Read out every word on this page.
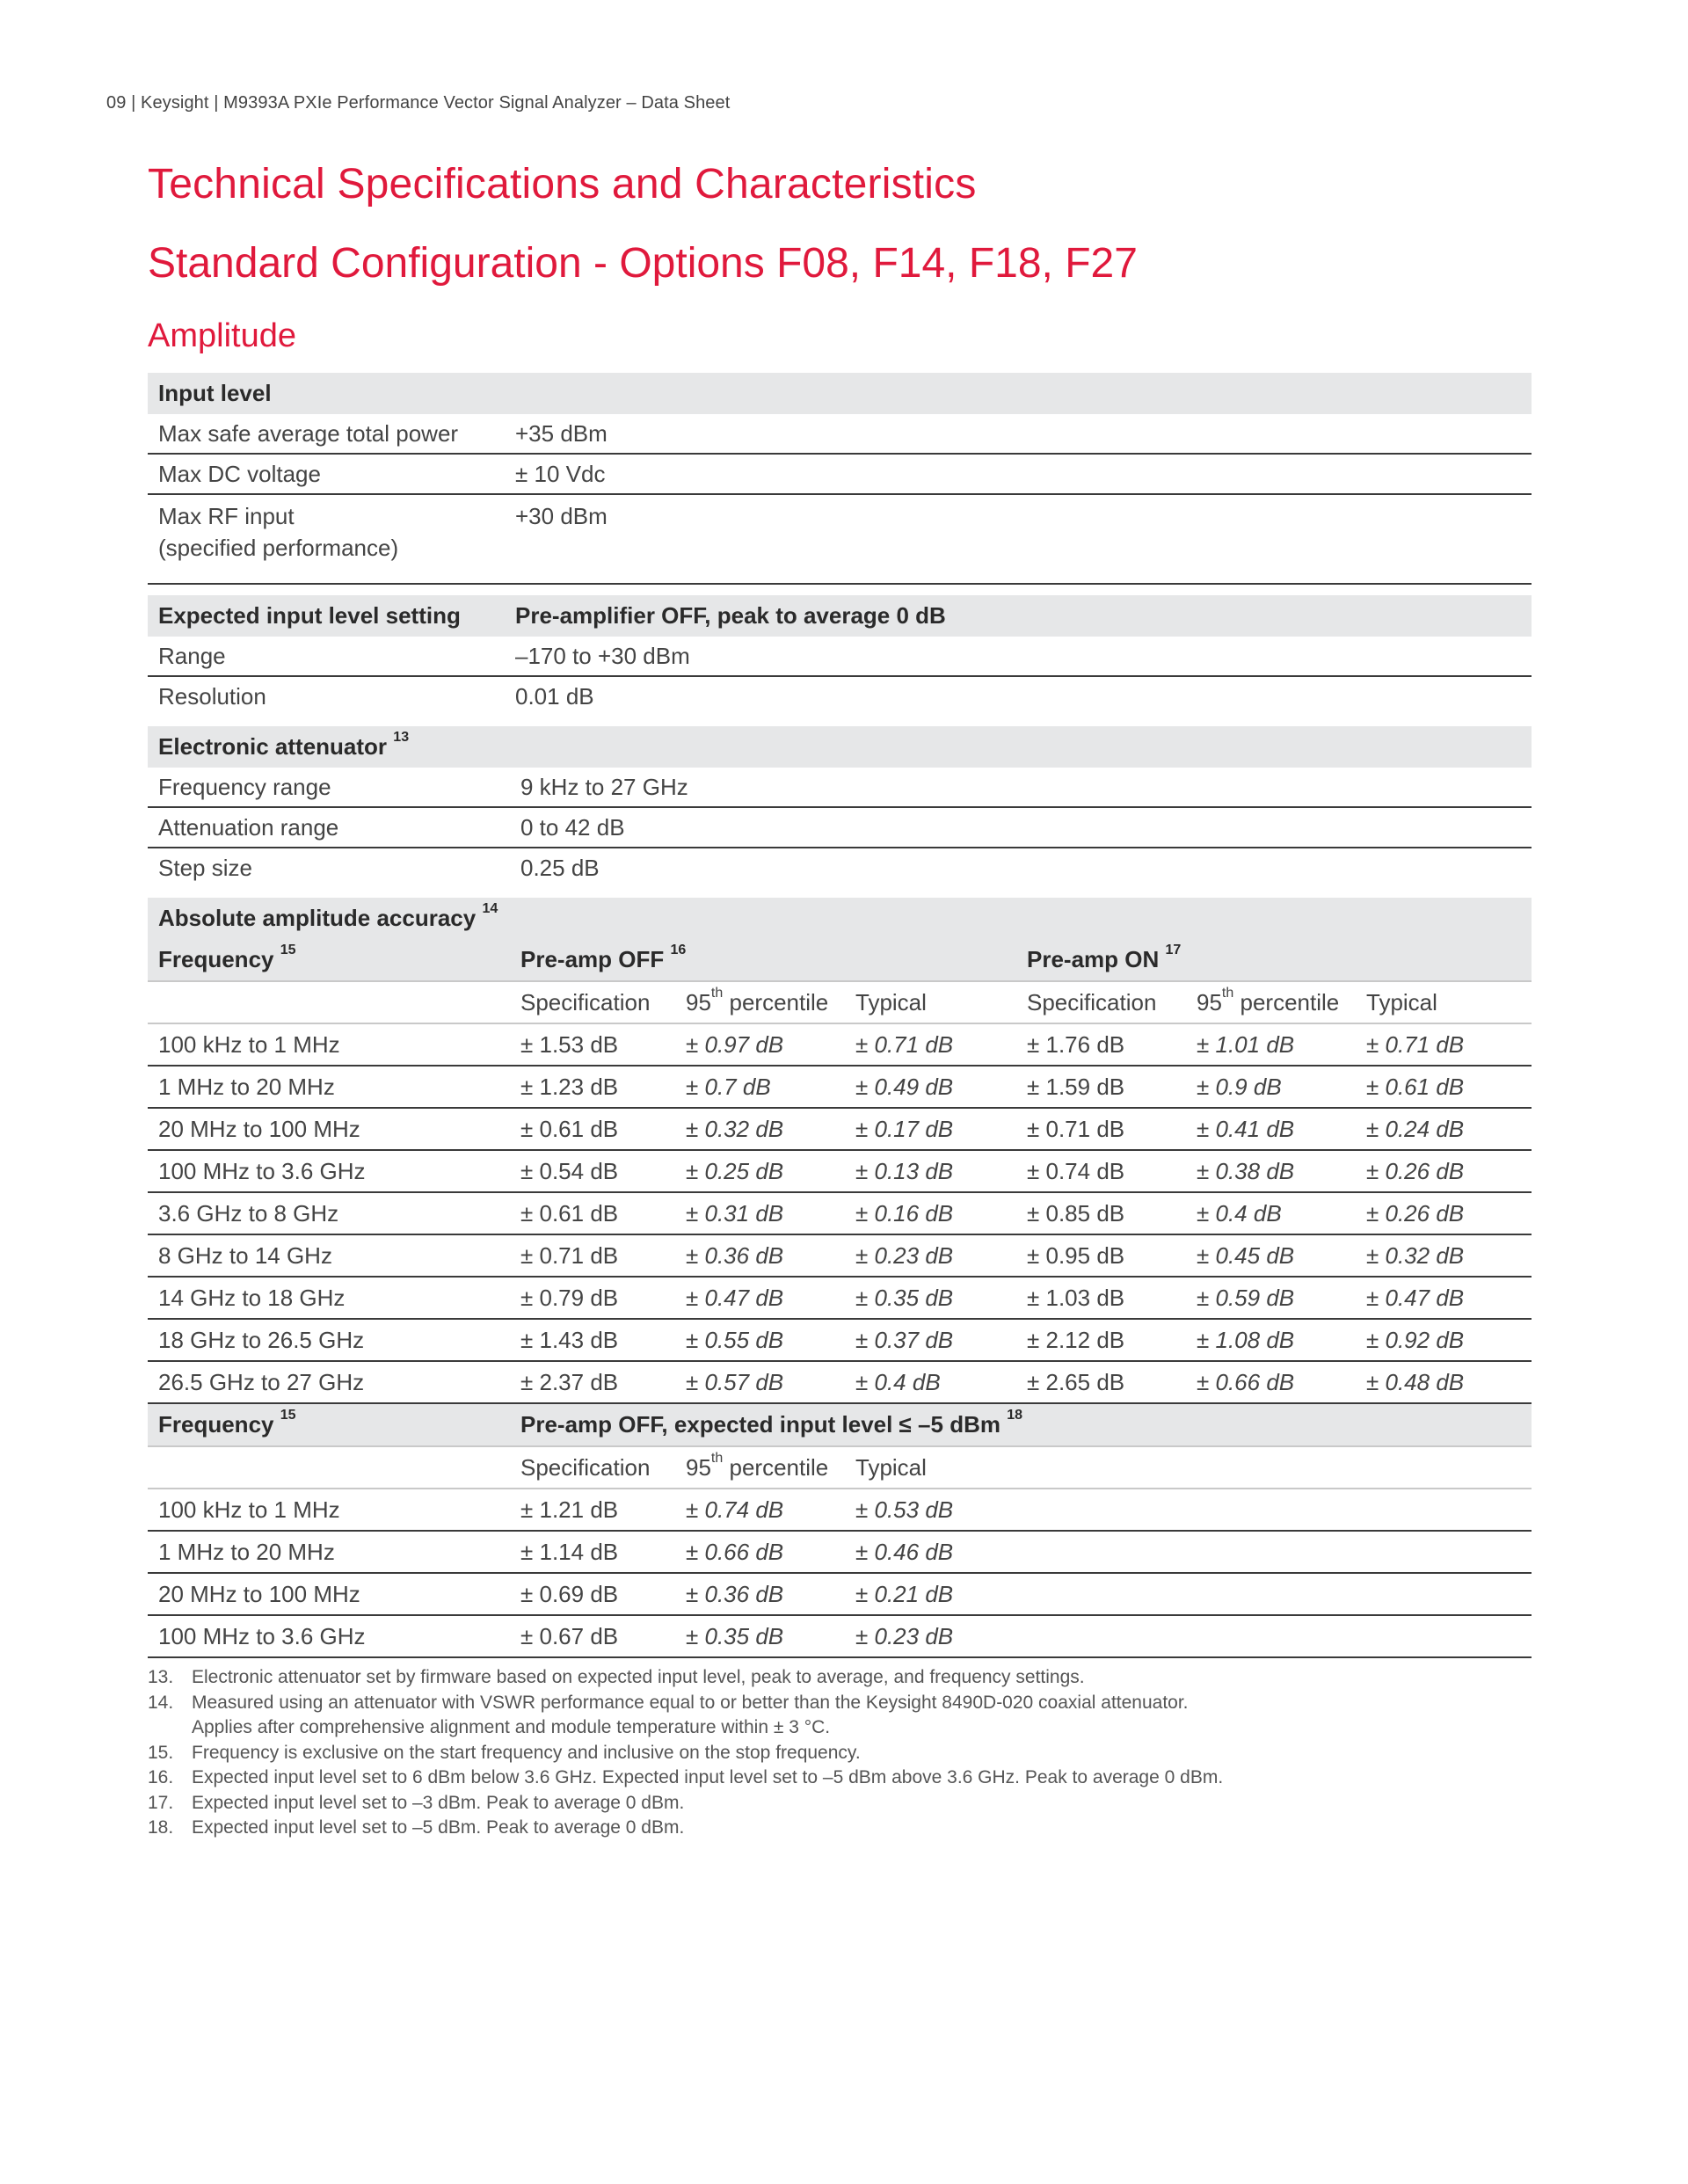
09 | Keysight | M9393A PXIe Performance Vector Signal Analyzer – Data Sheet
Technical Specifications and Characteristics
Standard Configuration - Options F08, F14, F18, F27
Amplitude
Input level						
Max safe average total power	+35 dBm					
Max DC voltage	± 10 Vdc					

Max RF input
(specified performance)	+30 dBm					

Expected input level setting	Pre-amplifier OFF, peak to average 0 dB					
Range	–170 to +30 dBm					
Resolution	0.01 dB					

Electronic attenuator $^{13}$
Frequency range	9 kHz to 27 GHz					
Attenuation range	0 to 42 dB					
Step size	0.25 dB					

Absolute amplitude accuracy $^{14}$
Frequency $^{15}$	Pre-amp OFF $^{16}$			Pre-amp ON $^{17}$
	Specification	95th percentile	Typical	Specification	95th percentile	Typical
100 kHz to 1 MHz	± 1.53 dB	± 0.97 dB	± 0.71 dB	± 1.76 dB	± 1.01 dB	± 0.71 dB
1 MHz to 20 MHz	± 1.23 dB	± 0.7 dB	± 0.49 dB	± 1.59 dB	± 0.9 dB	± 0.61 dB
20 MHz to 100 MHz	± 0.61 dB	± 0.32 dB	± 0.17 dB	± 0.71 dB	± 0.41 dB	± 0.24 dB
100 MHz to 3.6 GHz	± 0.54 dB	± 0.25 dB	± 0.13 dB	± 0.74 dB	± 0.38 dB	± 0.26 dB
3.6 GHz to 8 GHz	± 0.61 dB	± 0.31 dB	± 0.16 dB	± 0.85 dB	± 0.4 dB	± 0.26 dB
8 GHz to 14 GHz	± 0.71 dB	± 0.36 dB	± 0.23 dB	± 0.95 dB	± 0.45 dB	± 0.32 dB
14 GHz to 18 GHz	± 0.79 dB	± 0.47 dB	± 0.35 dB	± 1.03 dB	± 0.59 dB	± 0.47 dB
18 GHz to 26.5 GHz	± 1.43 dB	± 0.55 dB	± 0.37 dB	± 2.12 dB	± 1.08 dB	± 0.92 dB
26.5 GHz to 27 GHz	± 2.37 dB	± 0.57 dB	± 0.4 dB	± 2.65 dB	± 0.66 dB	± 0.48 dB
Frequency $^{15}$	Pre-amp OFF, expected input level ≤ –5 dBm $^{18}$
	Specification	95th percentile	Typical			
100 kHz to 1 MHz	± 1.21 dB	± 0.74 dB	± 0.53 dB			
1 MHz to 20 MHz	± 1.14 dB	± 0.66 dB	± 0.46 dB			
20 MHz to 100 MHz	± 0.69 dB	± 0.36 dB	± 0.21 dB			
100 MHz to 3.6 GHz	± 0.67 dB	± 0.35 dB	± 0.23 dB			
13. Electronic attenuator set by firmware based on expected input level, peak to average, and frequency settings.
14. Measured using an attenuator with VSWR performance equal to or better than the Keysight 8490D-020 coaxial attenuator.
Applies after comprehensive alignment and module temperature within ± 3 °C.
15. Frequency is exclusive on the start frequency and inclusive on the stop frequency.
16. Expected input level set to 6 dBm below 3.6 GHz. Expected input level set to –5 dBm above 3.6 GHz. Peak to average 0 dBm.
17. Expected input level set to –3 dBm. Peak to average 0 dBm.
18. Expected input level set to –5 dBm. Peak to average 0 dBm.
